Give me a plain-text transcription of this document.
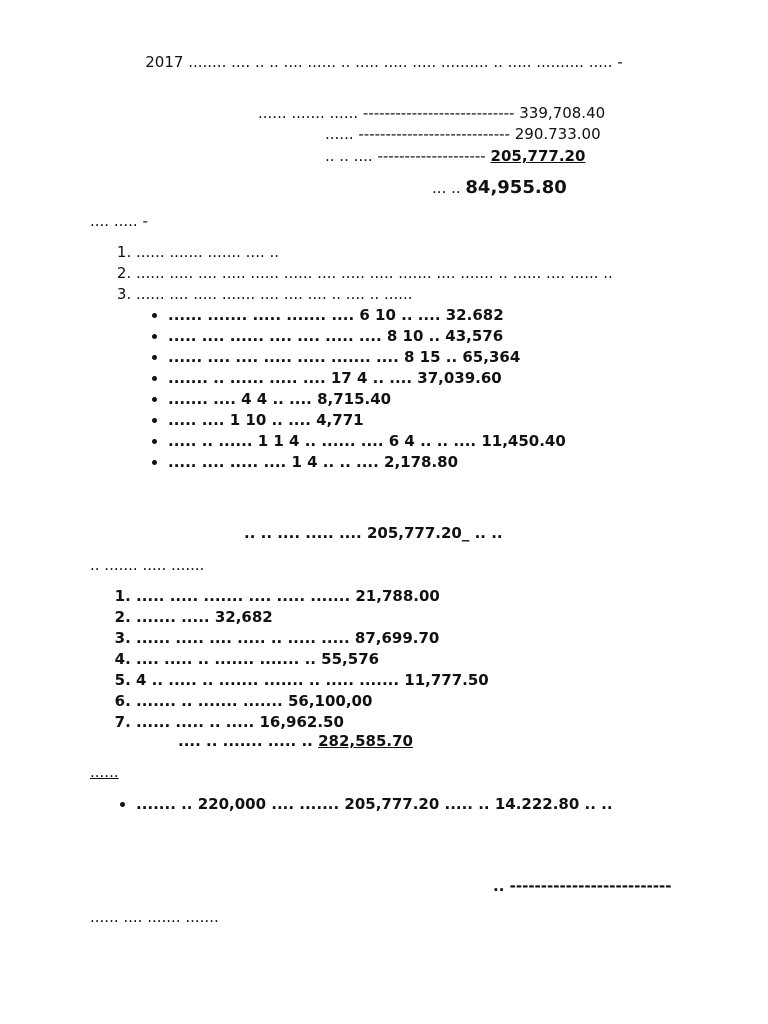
2017 ........ .... .. .. .... ...... .. ..... ..... ..... .......... .. ..... .......... ..... -
...... ....... ...... ---------------------------- 339,708.40
...... ---------------------------- 290.733.00
.. .. .... -------------------- 205,777.20
... .. 84,955.80
.... ..... -
1. ...... ....... ....... .... ..
2. ...... ..... .... ..... ...... ...... .... ..... ..... ....... .... ....... .. ...... .... ...... ..
3. ...... .... ..... ....... .... .... .... .. .... .. ......
• ...... ....... ..... ....... .... 6 10 .. .... 32.682
• ..... .... ...... .... .... ..... .... 8 10 .. 43,576
• ...... .... .... ..... ..... ....... .... 8 15 .. 65,364
• ....... .. ...... ..... .... 17 4 .. .... 37,039.60
• ....... .... 4 4 .. .... 8,715.40
• ..... .... 1 10 .. .... 4,771
• ..... .. ...... 1 1 4 .. ...... .... 6 4 .. .. .... 11,450.40
• ..... .... ..... .... 1 4 .. .. .... 2,178.80
.. .. .... ..... .... 205,777.20_ .. ..
.. ....... ..... .......
1. ..... ..... ....... .... ..... ....... 21,788.00
2. ....... ..... 32,682
3. ...... ..... .... ..... .. ..... ..... 87,699.70
4. .... ..... .. ....... ....... .. 55,576
5. 4 .. ..... .. ....... ....... .. ..... ....... 11,777.50
6. ....... .. ....... ....... 56,100,00
7. ...... ..... .. ..... 16,962.50
.... .. ....... ..... .. 282,585.70
......
• ....... .. 220,000 .... ....... 205,777.20 ..... .. 14.222.80 .. ..
.. --------------------------
...... .... ....... .......
